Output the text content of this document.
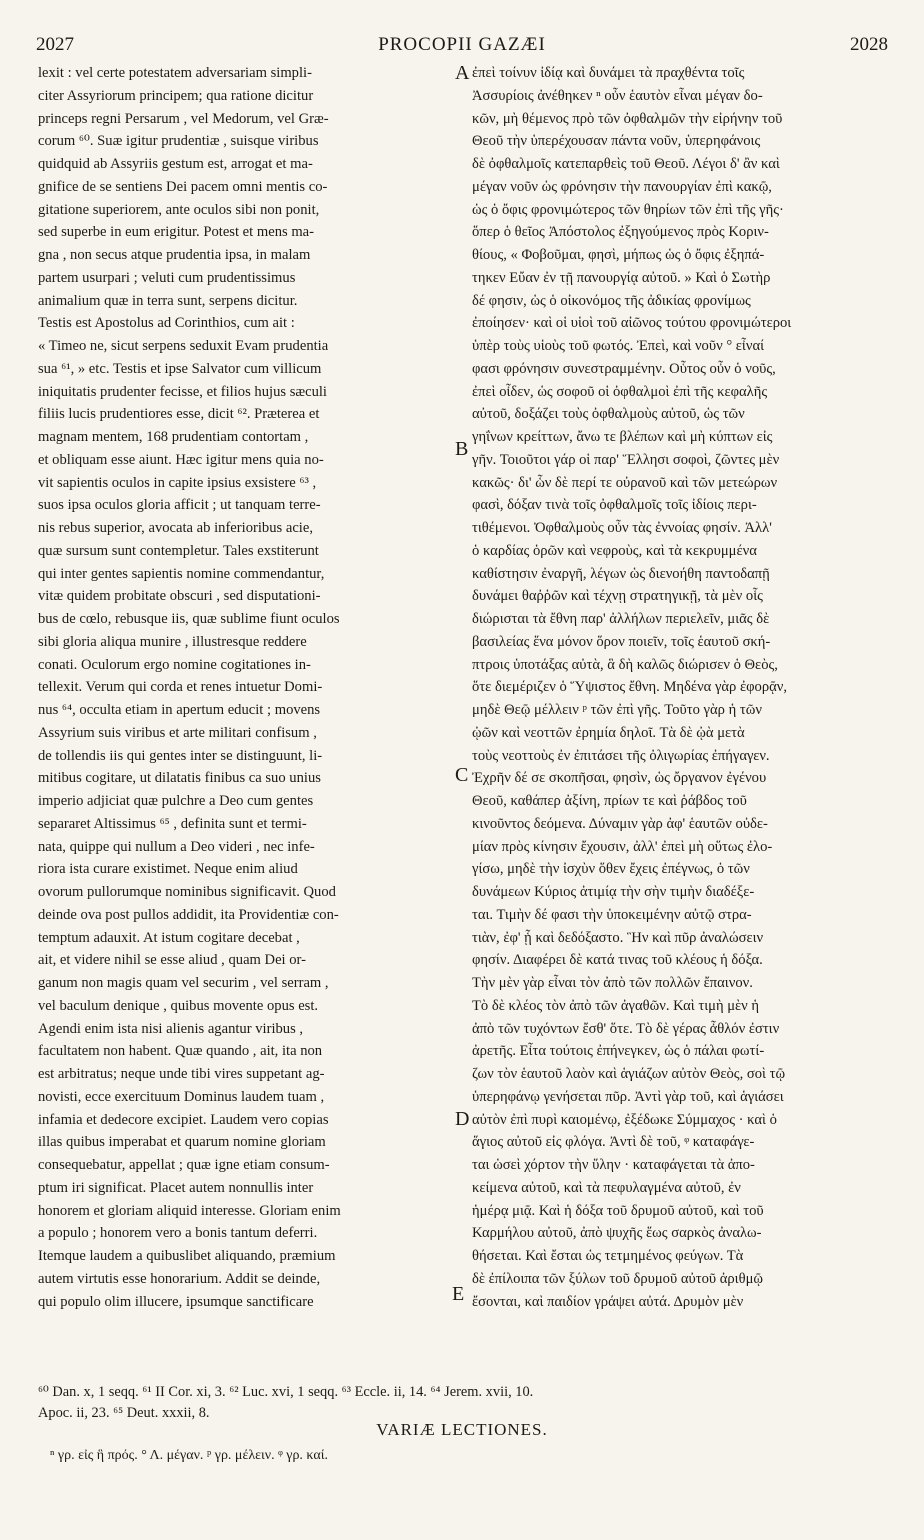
2027	PROCOPII GAZÆI	2028
lexit : vel certe potestatem adversariam simpli-
citer Assyriorum principem; qua ratione dicitur
princeps regni Persarum , vel Medorum, vel Græ-
corum ⁶⁰. Suæ igitur prudentiæ , suisque viribus
quidquid ab Assyriis gestum est, arrogat et ma-
gnifice de se sentiens Dei pacem omni mentis co-
gitatione superiorem, ante oculos sibi non ponit,
sed superbe in eum erigitur. Potest et mens ma-
gna , non secus atque prudentia ipsa, in malam
partem usurpari ; veluti cum prudentissimus
animalium quæ in terra sunt, serpens dicitur.
Testis est Apostolus ad Corinthios, cum ait :
« Timeo ne, sicut serpens seduxit Evam prudentia
sua ⁶¹, » etc. Testis et ipse Salvator cum villicum
iniquitatis prudenter fecisse, et filios hujus sæculi
filiis lucis prudentiores esse, dicit ⁶². Præterea et
magnam mentem, 168 prudentiam contortam ,
et obliquam esse aiunt. Hæc igitur mens quia no-
vit sapientis oculos in capite ipsius exsistere ⁶³ ,
suos ipsa oculos gloria afficit ; ut tanquam terre-
nis rebus superior, avocata ab inferioribus acie,
quæ sursum sunt contempletur. Tales exstiterunt
qui inter gentes sapientis nomine commendantur,
vitæ quidem probitate obscuri , sed disputationi-
bus de cœlo, rebusque iis, quæ sublime fiunt oculos
sibi gloria aliqua munire , illustresque reddere
conati. Oculorum ergo nomine cogitationes in-
tellexit. Verum qui corda et renes intuetur Domi-
nus ⁶⁴, occulta etiam in apertum educit ; movens
Assyrium suis viribus et arte militari confisum ,
de tollendis iis qui gentes inter se distinguunt, li-
mitibus cogitare, ut dilatatis finibus ca suo unius
imperio adjiciat quæ pulchre a Deo cum gentes
separaret Altissimus ⁶⁵ , definita sunt et termi-
nata, quippe qui nullum a Deo videri , nec infe-
riora ista curare existimet. Neque enim aliud
ovorum pullorumque nominibus significavit. Quod
deinde ova post pullos addidit, ita Providentiæ con-
temptum adauxit. At istum cogitare decebat ,
ait, et videre nihil se esse aliud , quam Dei or-
ganum non magis quam vel securim , vel serram ,
vel baculum denique , quibus movente opus est.
Agendi enim ista nisi alienis agantur viribus ,
facultatem non habent. Quæ quando , ait, ita non
est arbitratus; neque unde tibi vires suppetant ag-
novisti, ecce exercituum Dominus laudem tuam ,
infamia et dedecore excipiet. Laudem vero copias
illas quibus imperabat et quarum nomine gloriam
consequebatur, appellat ; quæ igne etiam consum-
ptum iri significat. Placet autem nonnullis inter
honorem et gloriam aliquid interesse. Gloriam enim
a populo ; honorem vero a bonis tantum deferri.
Itemque laudem a quibuslibet aliquando, præmium
autem virtutis esse honorarium. Addit se deinde,
qui populo olim illucere, ipsumque sanctificare
A
B
C
D
E
ἐπεὶ τοίνυν ἰδίᾳ καὶ δυνάμει τὰ πραχθέντα τοῖς
Ἀσσυρίοις ἀνέθηκεν ⁿ οὖν ἑαυτὸν εἶναι μέγαν δο-
κῶν, μὴ θέμενος πρὸ τῶν ὀφθαλμῶν τὴν εἰρήνην τοῦ
Θεοῦ τὴν ὑπερέχουσαν πάντα νοῦν, ὑπερηφάνοις
δὲ ὀφθαλμοῖς κατεπαρθεὶς τοῦ Θεοῦ. Λέγοι δ' ἂν καὶ
μέγαν νοῦν ὡς φρόνησιν τὴν πανουργίαν ἐπὶ κακῷ,
ὡς ὁ ὄφις φρονιμώτερος τῶν θηρίων τῶν ἐπὶ τῆς γῆς·
ὅπερ ὁ θεῖος Ἀπόστολος ἐξηγούμενος πρὸς Κοριν-
θίους, « Φοβοῦμαι, φησὶ, μήπως ὡς ὁ ὄφις ἐξηπά-
τηκεν Εὔαν ἐν τῇ πανουργίᾳ αὐτοῦ. » Καὶ ὁ Σωτὴρ
δέ φησιν, ὡς ὁ οἰκονόμος τῆς ἀδικίας φρονίμως
ἐποίησεν· καὶ οἱ υἱοὶ τοῦ αἰῶνος τούτου φρονιμώτεροι
ὑπὲρ τοὺς υἱοὺς τοῦ φωτός. Ἐπεὶ, καὶ νοῦν ° εἶναί
φασι φρόνησιν συνεστραμμένην. Οὗτος οὖν ὁ νοῦς,
ἐπεὶ οἶδεν, ὡς σοφοῦ οἱ ὀφθαλμοὶ ἐπὶ τῆς κεφαλῆς
αὐτοῦ, δοξάζει τοὺς ὀφθαλμοὺς αὐτοῦ, ὡς τῶν
γηΐνων κρείττων, ἄνω τε βλέπων καὶ μὴ κύπτων εἰς
γῆν. Τοιοῦτοι γάρ οἱ παρ' Ἕλλησι σοφοὶ, ζῶντες μὲν
κακῶς· δι' ὧν δὲ περί τε οὐρανοῦ καὶ τῶν μετεώρων
φασὶ, δόξαν τινὰ τοῖς ὀφθαλμοῖς τοῖς ἰδίοις περι-
τιθέμενοι. Ὀφθαλμοὺς οὖν τὰς ἐννοίας φησίν. Ἀλλ'
ὁ καρδίας ὁρῶν καὶ νεφροὺς, καὶ τὰ κεκρυμμένα
καθίστησιν ἐναργῆ, λέγων ὡς διενοήθη παντοδαπῇ
δυνάμει θαῤῥῶν καὶ τέχνῃ στρατηγικῇ, τὰ μὲν οἷς
διώρισται τὰ ἔθνη παρ' ἀλλήλων περιελεῖν, μιᾶς δὲ
βασιλείας ἕνα μόνον ὅρον ποιεῖν, τοῖς ἑαυτοῦ σκή-
πτροις ὑποτάξας αὐτὰ, ἃ δὴ καλῶς διώρισεν ὁ Θεὸς,
ὅτε διεμέριζεν ὁ Ὕψιστος ἔθνη. Μηδένα γὰρ ἐφορᾷν,
μηδὲ Θεῷ μέλλειν ᵖ τῶν ἐπὶ γῆς. Τοῦτο γὰρ ἡ τῶν
ᾠῶν καὶ νεοττῶν ἐρημία δηλοῖ. Τὰ δὲ ᾠὰ μετὰ
τοὺς νεοττοὺς ἐν ἐπιτάσει τῆς ὀλιγωρίας ἐπήγαγεν.
Ἐχρῆν δέ σε σκοπῆσαι, φησὶν, ὡς ὄργανον ἐγένου
Θεοῦ, καθάπερ ἀξίνη, πρίων τε καὶ ῥάβδος τοῦ
κινοῦντος δεόμενα. Δύναμιν γὰρ ἀφ' ἑαυτῶν οὐδε-
μίαν πρὸς κίνησιν ἔχουσιν, ἀλλ' ἐπεὶ μὴ οὕτως ἐλο-
γίσω, μηδὲ τὴν ἰσχὺν ὅθεν ἔχεις ἐπέγνως, ὁ τῶν
δυνάμεων Κύριος ἀτιμίᾳ τὴν σὴν τιμὴν διαδέξε-
ται. Τιμὴν δέ φασι τὴν ὑποκειμένην αὐτῷ στρα-
τιὰν, ἐφ' ᾗ καὶ δεδόξαστο. Ἣν καὶ πῦρ ἀναλώσειν
φησίν. Διαφέρει δὲ κατά τινας τοῦ κλέους ἡ δόξα.
Τὴν μὲν γὰρ εἶναι τὸν ἀπὸ τῶν πολλῶν ἔπαινον.
Τὸ δὲ κλέος τὸν ἀπὸ τῶν ἀγαθῶν. Καὶ τιμὴ μὲν ἡ
ἀπὸ τῶν τυχόντων ἔσθ' ὅτε. Τὸ δὲ γέρας ἆθλόν ἐστιν
ἀρετῆς. Εἶτα τούτοις ἐπήνεγκεν, ὡς ὁ πάλαι φωτί-
ζων τὸν ἑαυτοῦ λαὸν καὶ ἁγιάζων αὐτὸν Θεὸς, σοὶ τῷ
ὑπερηφάνῳ γενήσεται πῦρ. Ἀντὶ γὰρ τοῦ, καὶ ἁγιάσει
αὐτὸν ἐπὶ πυρὶ καιομένῳ, ἐξέδωκε Σύμμαχος · καὶ ὁ
ἅγιος αὐτοῦ εἰς φλόγα. Ἀντὶ δὲ τοῦ, ᵠ καταφάγε-
ται ὡσεὶ χόρτον τὴν ὕλην · καταφάγεται τὰ ἀπο-
κείμενα αὐτοῦ, καὶ τὰ πεφυλαγμένα αὐτοῦ, ἐν
ἡμέρᾳ μιᾷ. Καὶ ἡ δόξα τοῦ δρυμοῦ αὐτοῦ, καὶ τοῦ
Καρμήλου αὐτοῦ, ἀπὸ ψυχῆς ἕως σαρκὸς ἀναλω-
θήσεται. Καὶ ἔσται ὡς τετμημένος φεύγων. Τὰ
δὲ ἐπίλοιπα τῶν ξύλων τοῦ δρυμοῦ αὐτοῦ ἀριθμῷ
ἔσονται, καὶ παιδίον γράψει αὐτά. Δρυμὸν μὲν
⁶⁰ Dan. x, 1 seqq. ⁶¹ II Cor. xi, 3. ⁶² Luc. xvi, 1 seqq. ⁶³ Eccle. ii, 14. ⁶⁴ Jerem. xvii, 10.
Apoc. ii, 23. ⁶⁵ Deut. xxxii, 8.
VARIÆ LECTIONES.
ⁿ γρ. εἰς ἣ πρός. ° Λ. μέγαν. ᵖ γρ. μέλειν. ᵠ γρ. καί.
